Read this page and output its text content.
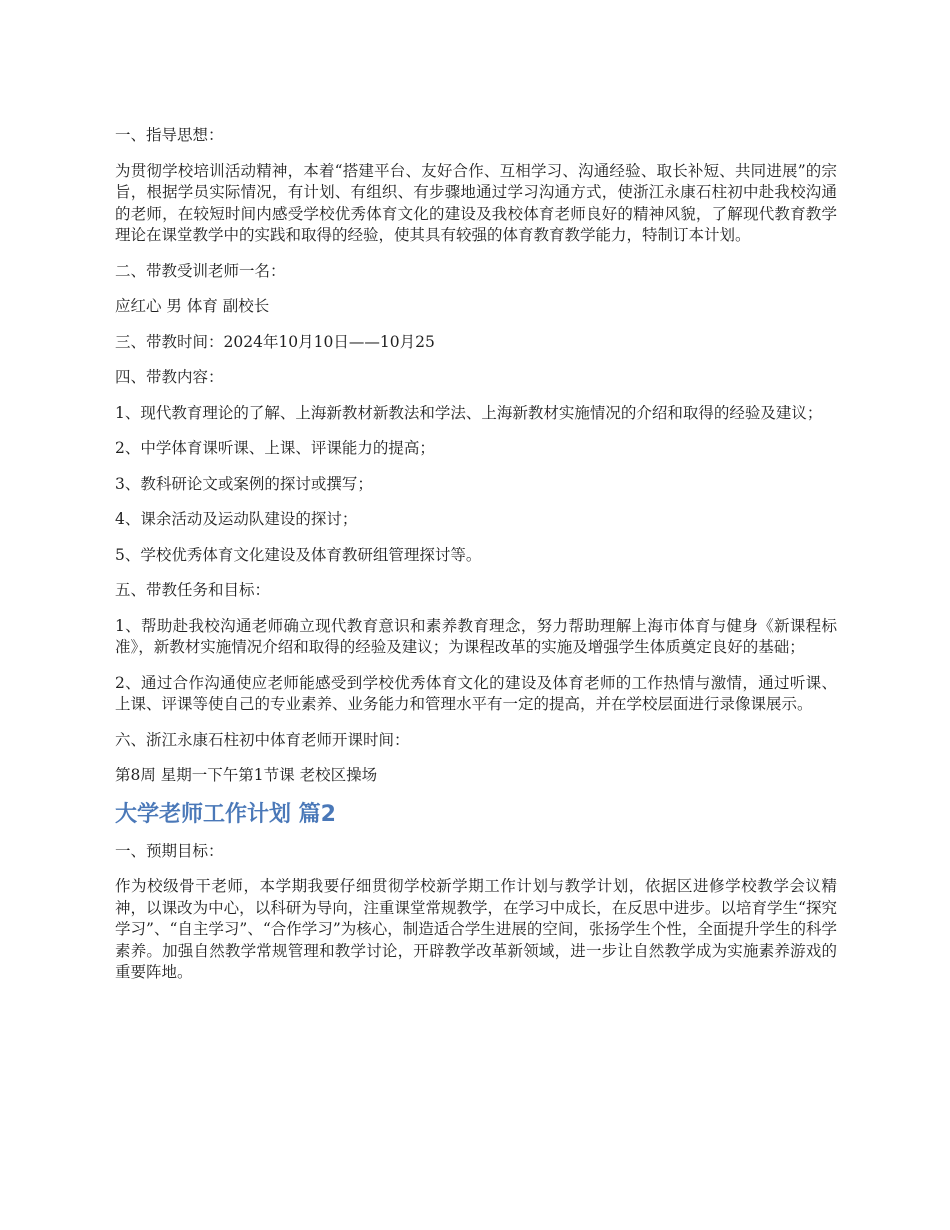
一、指导思想：

为贯彻学校培训活动精神，本着“搭建平台、友好合作、互相学习、沟通经验、取长补短、共同进展”的宗旨，根据学员实际情况，有计划、有组织、有步骤地通过学习沟通方式，使浙江永康石柱初中赴我校沟通的老师，在较短时间内感受学校优秀体育文化的建设及我校体育老师良好的精神风貌，了解现代教育教学理论在课堂教学中的实践和取得的经验，使其具有较强的体育教育教学能力，特制订本计划。

二、带教受训老师一名：

应红心 男 体育 副校长

三、带教时间：2024年10月10日——10月25

四、带教内容：

1、现代教育理论的了解、上海新教材新教法和学法、上海新教材实施情况的介绍和取得的经验及建议；

2、中学体育课听课、上课、评课能力的提高；

3、教科研论文或案例的探讨或撰写；

4、课余活动及运动队建设的探讨；

5、学校优秀体育文化建设及体育教研组管理探讨等。

五、带教任务和目标：

1、帮助赴我校沟通老师确立现代教育意识和素养教育理念，努力帮助理解上海市体育与健身《新课程标准》，新教材实施情况介绍和取得的经验及建议；为课程改革的实施及增强学生体质奠定良好的基础；

2、通过合作沟通使应老师能感受到学校优秀体育文化的建设及体育老师的工作热情与激情，通过听课、上课、评课等使自己的专业素养、业务能力和管理水平有一定的提高，并在学校层面进行录像课展示。

六、浙江永康石柱初中体育老师开课时间：

第8周 星期一下午第1节课 老校区操场

大学老师工作计划 篇2

一、预期目标：

作为校级骨干老师，本学期我要仔细贯彻学校新学期工作计划与教学计划，依据区进修学校教学会议精神，以课改为中心，以科研为导向，注重课堂常规教学，在学习中成长，在反思中进步。以培育学生“探究学习”、“自主学习”、“合作学习”为核心，制造适合学生进展的空间，张扬学生个性，全面提升学生的科学素养。加强自然教学常规管理和教学讨论，开辟教学改革新领域，进一步让自然教学成为实施素养游戏的重要阵地。
